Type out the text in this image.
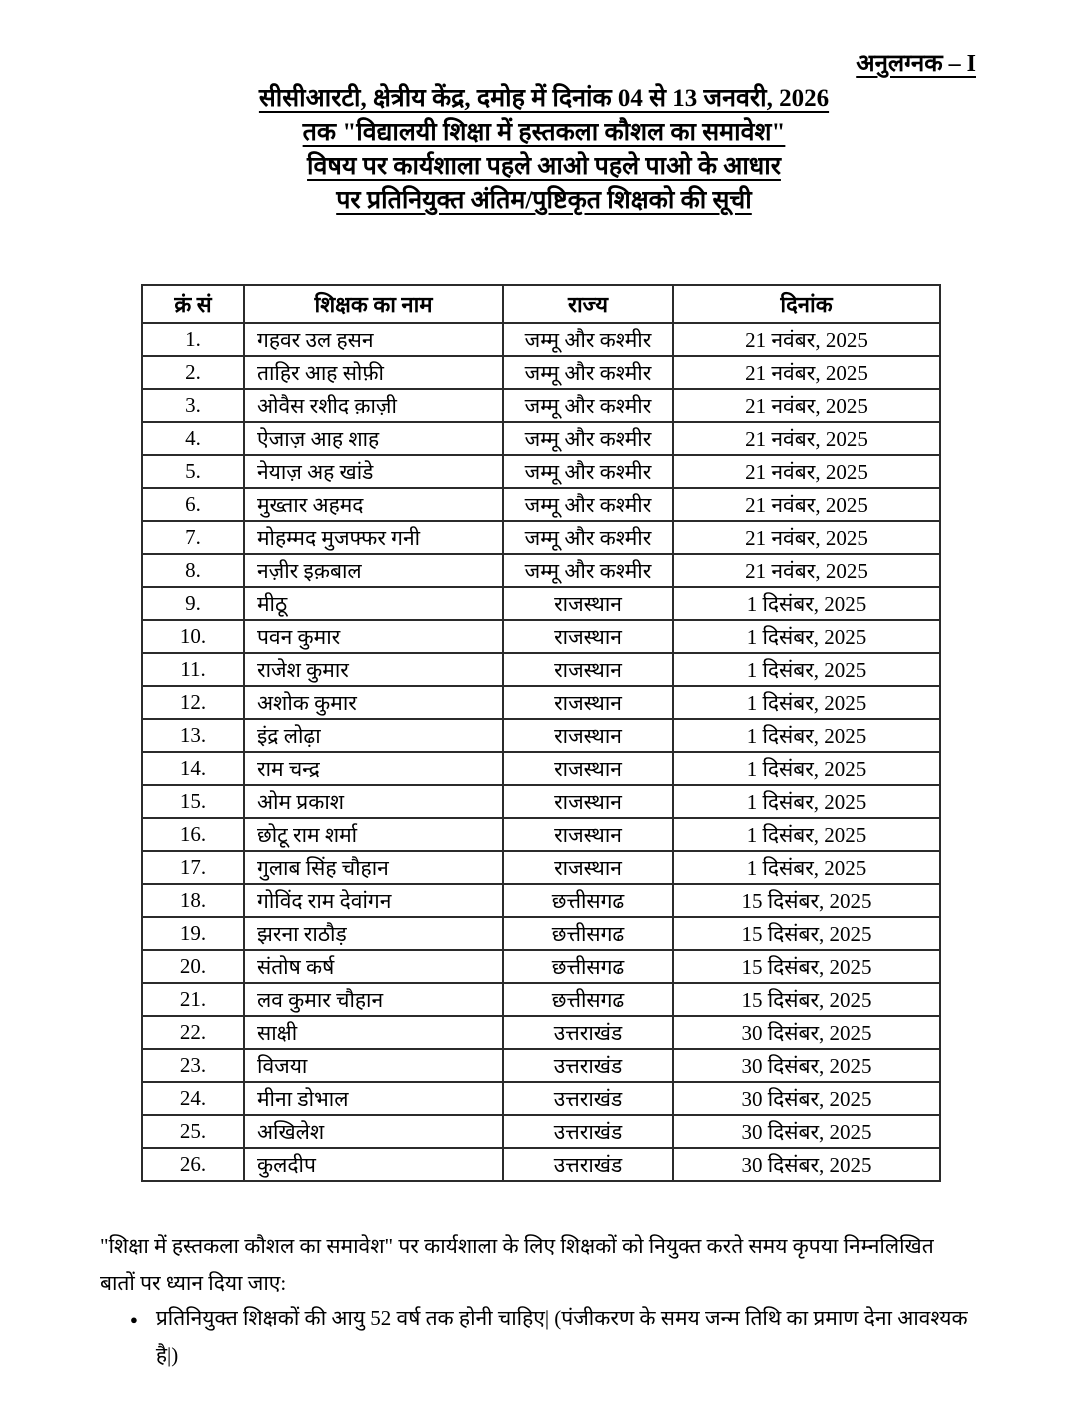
अनुलग्नक – I
सीसीआरटी, क्षेत्रीय केंद्र, दमोह में दिनांक 04 से 13 जनवरी, 2026
तक "विद्यालयी शिक्षा में हस्तकला कौशल का समावेश"
विषय पर कार्यशाला पहले आओ पहले पाओ के आधार
पर प्रतिनियुक्त अंतिम/पुष्टिकृत शिक्षको की सूची
क्रं सं	शिक्षक का नाम	राज्य	दिनांक
1.	गहवर उल हसन	जम्मू और कश्मीर	21 नवंबर, 2025
2.	ताहिर आह सोफ़ी	जम्मू और कश्मीर	21 नवंबर, 2025
3.	ओवैस रशीद क़ाज़ी	जम्मू और कश्मीर	21 नवंबर, 2025
4.	ऐजाज़ आह शाह	जम्मू और कश्मीर	21 नवंबर, 2025
5.	नेयाज़ अह खांडे	जम्मू और कश्मीर	21 नवंबर, 2025
6.	मुख्तार अहमद	जम्मू और कश्मीर	21 नवंबर, 2025
7.	मोहम्मद मुजफ्फर गनी	जम्मू और कश्मीर	21 नवंबर, 2025
8.	नज़ीर इक़बाल	जम्मू और कश्मीर	21 नवंबर, 2025
9.	मीठू	राजस्थान	1 दिसंबर, 2025
10.	पवन कुमार	राजस्थान	1 दिसंबर, 2025
11.	राजेश कुमार	राजस्थान	1 दिसंबर, 2025
12.	अशोक कुमार	राजस्थान	1 दिसंबर, 2025
13.	इंद्र लोढ़ा	राजस्थान	1 दिसंबर, 2025
14.	राम चन्द्र	राजस्थान	1 दिसंबर, 2025
15.	ओम प्रकाश	राजस्थान	1 दिसंबर, 2025
16.	छोटू राम शर्मा	राजस्थान	1 दिसंबर, 2025
17.	गुलाब सिंह चौहान	राजस्थान	1 दिसंबर, 2025
18.	गोविंद राम देवांगन	छत्तीसगढ	15 दिसंबर, 2025
19.	झरना राठौड़	छत्तीसगढ	15 दिसंबर, 2025
20.	संतोष कर्ष	छत्तीसगढ	15 दिसंबर, 2025
21.	लव कुमार चौहान	छत्तीसगढ	15 दिसंबर, 2025
22.	साक्षी	उत्तराखंड	30 दिसंबर, 2025
23.	विजया	उत्तराखंड	30 दिसंबर, 2025
24.	मीना डोभाल	उत्तराखंड	30 दिसंबर, 2025
25.	अखिलेश	उत्तराखंड	30 दिसंबर, 2025
26.	कुलदीप	उत्तराखंड	30 दिसंबर, 2025
"शिक्षा में हस्तकला कौशल का समावेश" पर कार्यशाला के लिए शिक्षकों को नियुक्त करते समय कृपया निम्नलिखित
बातों पर ध्यान दिया जाए:
● प्रतिनियुक्त शिक्षकों की आयु 52 वर्ष तक होनी चाहिए| (पंजीकरण के समय जन्म तिथि का प्रमाण देना आवश्यक
है|)
